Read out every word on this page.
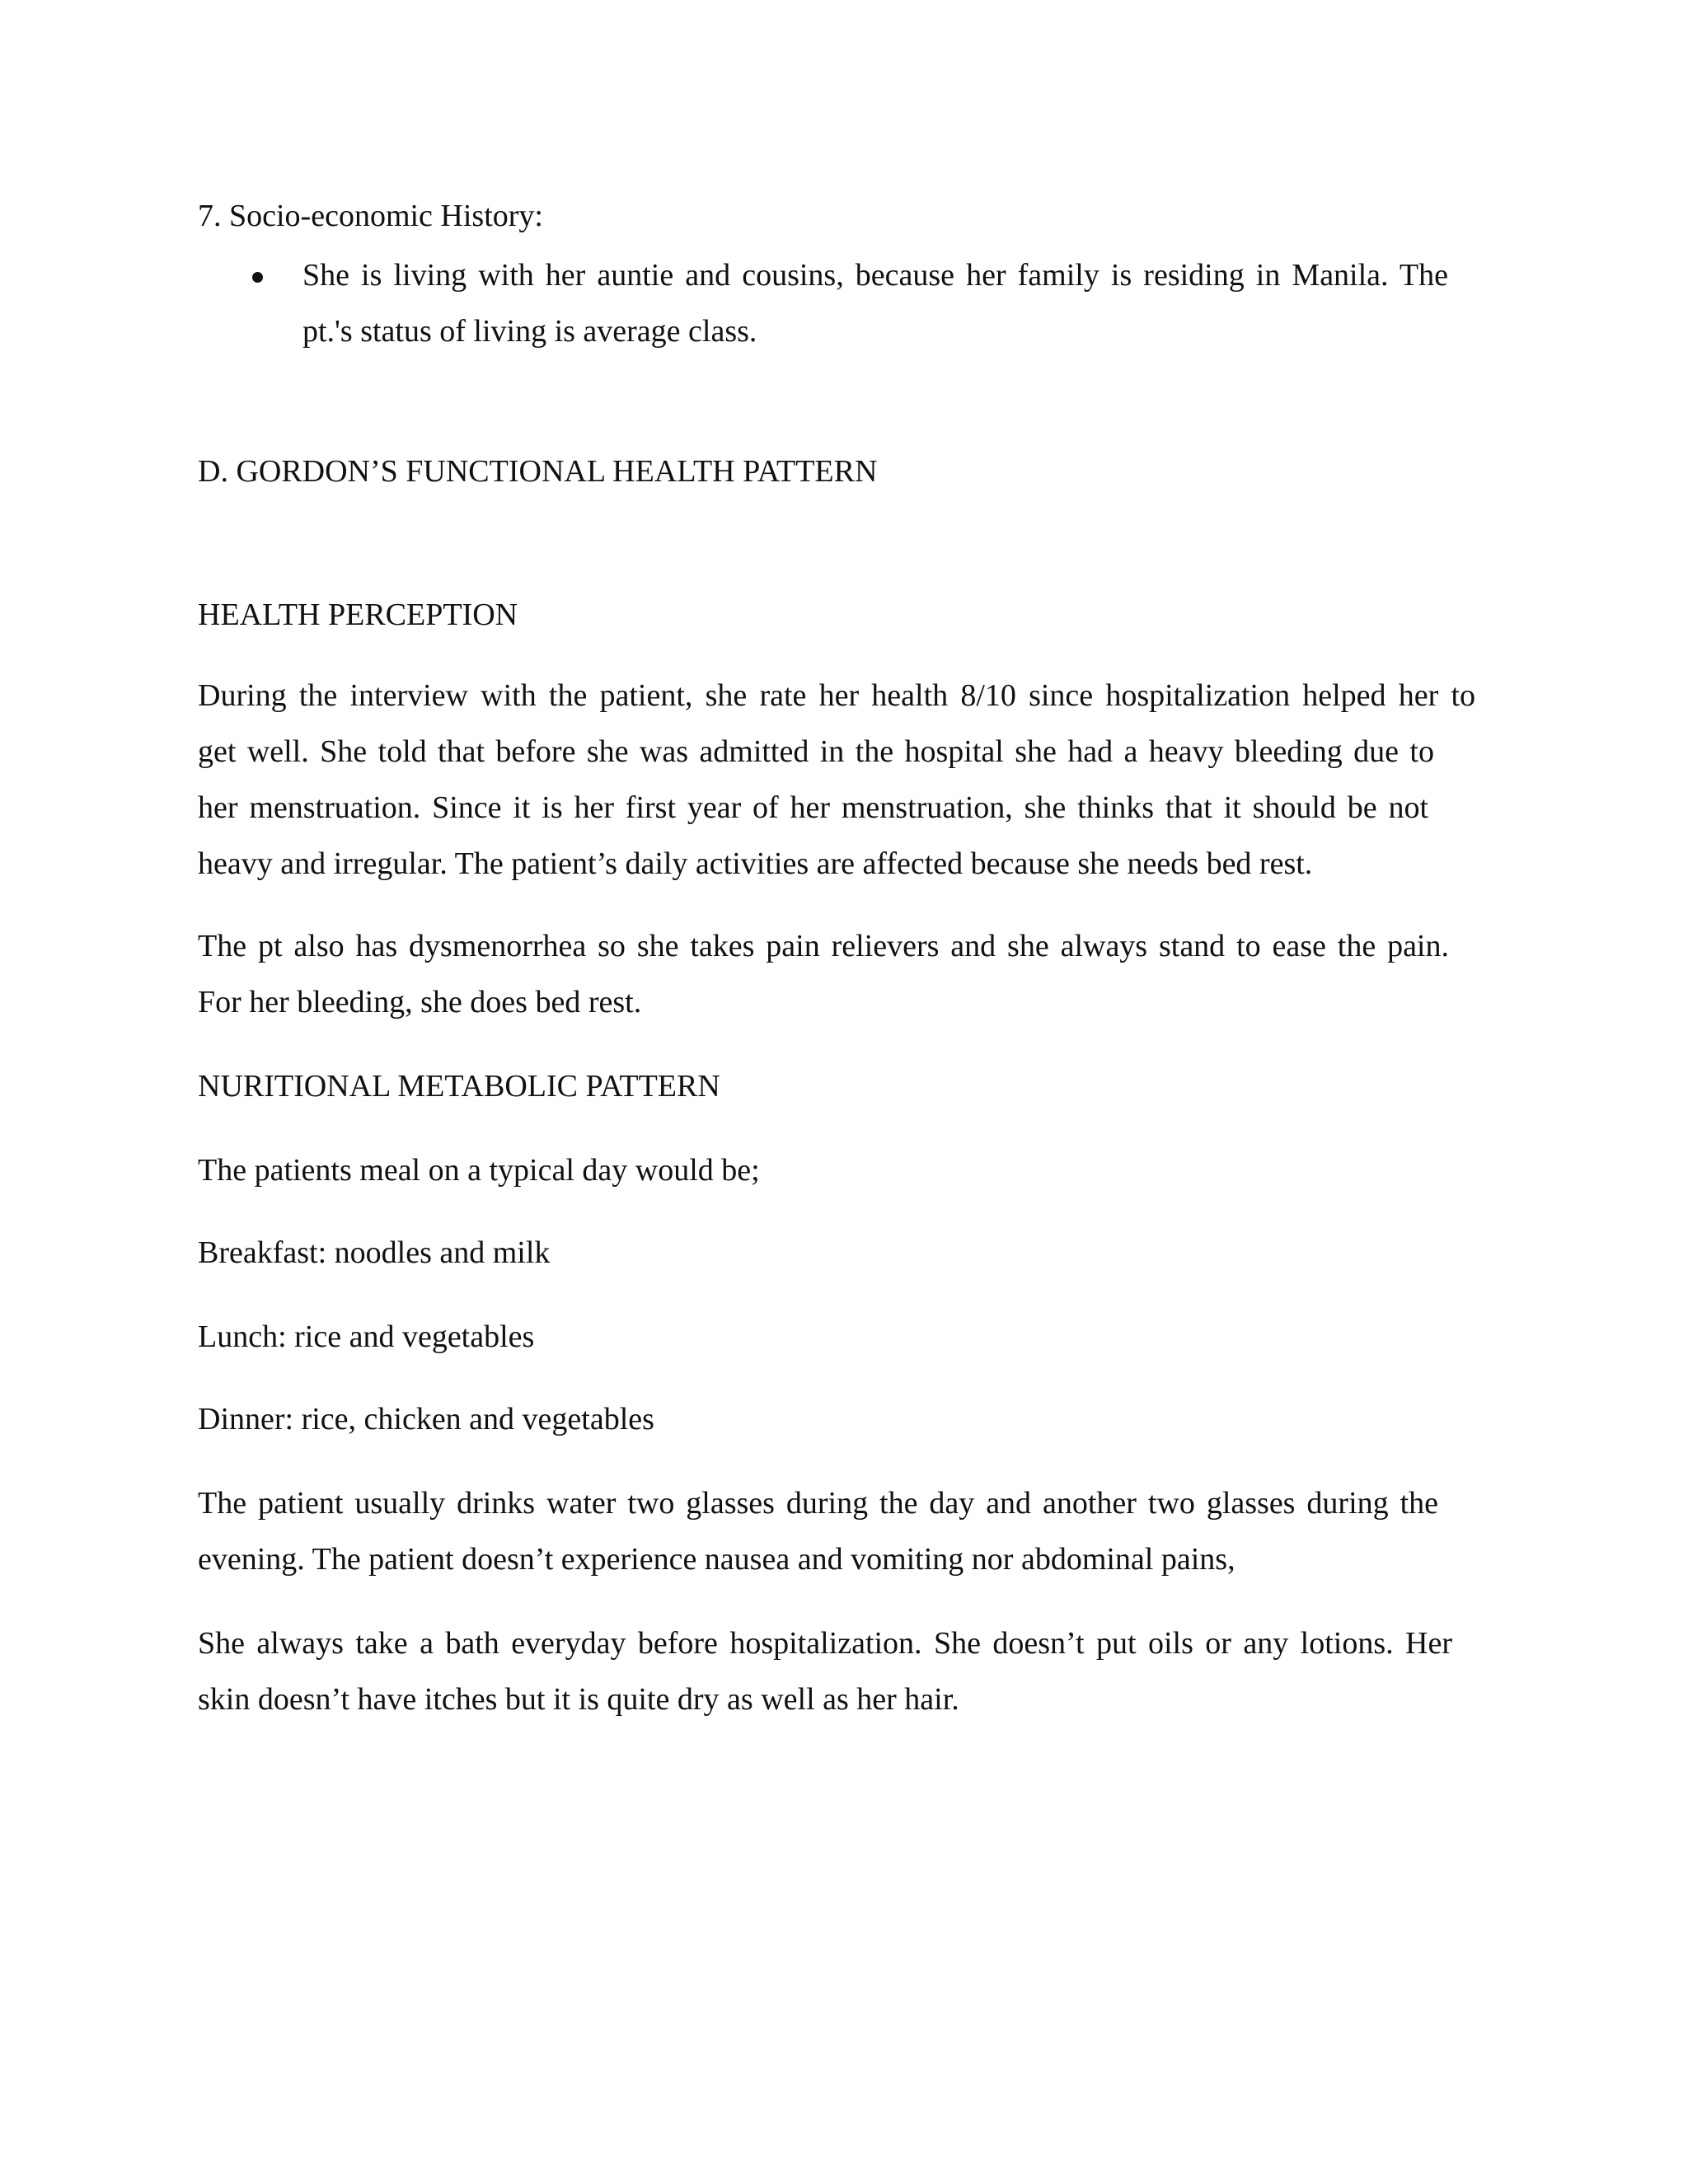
7. Socio-economic History:
She is living with her auntie and cousins, because her family is residing in Manila. The
pt.'s status of living is average class.
D. GORDON’S FUNCTIONAL HEALTH PATTERN
HEALTH PERCEPTION
During the interview with the patient, she rate her health 8/10 since hospitalization helped her to
get well. She told that before she was admitted in the hospital she had a heavy bleeding due to
her menstruation. Since it is her first year of her menstruation, she thinks that it should be not
heavy and irregular. The patient’s daily activities are affected because she needs bed rest.
The pt also has dysmenorrhea so she takes pain relievers and she always stand to ease the pain.
For her bleeding, she does bed rest.
NURITIONAL METABOLIC PATTERN
The patients meal on a typical day would be;
Breakfast: noodles and milk
Lunch: rice and vegetables
Dinner: rice, chicken and vegetables
The patient usually drinks water two glasses during the day and another two glasses during the
evening. The patient doesn’t experience nausea and vomiting nor abdominal pains,
She always take a bath everyday before hospitalization. She doesn’t put oils or any lotions. Her
skin doesn’t have itches but it is quite dry as well as her hair.
